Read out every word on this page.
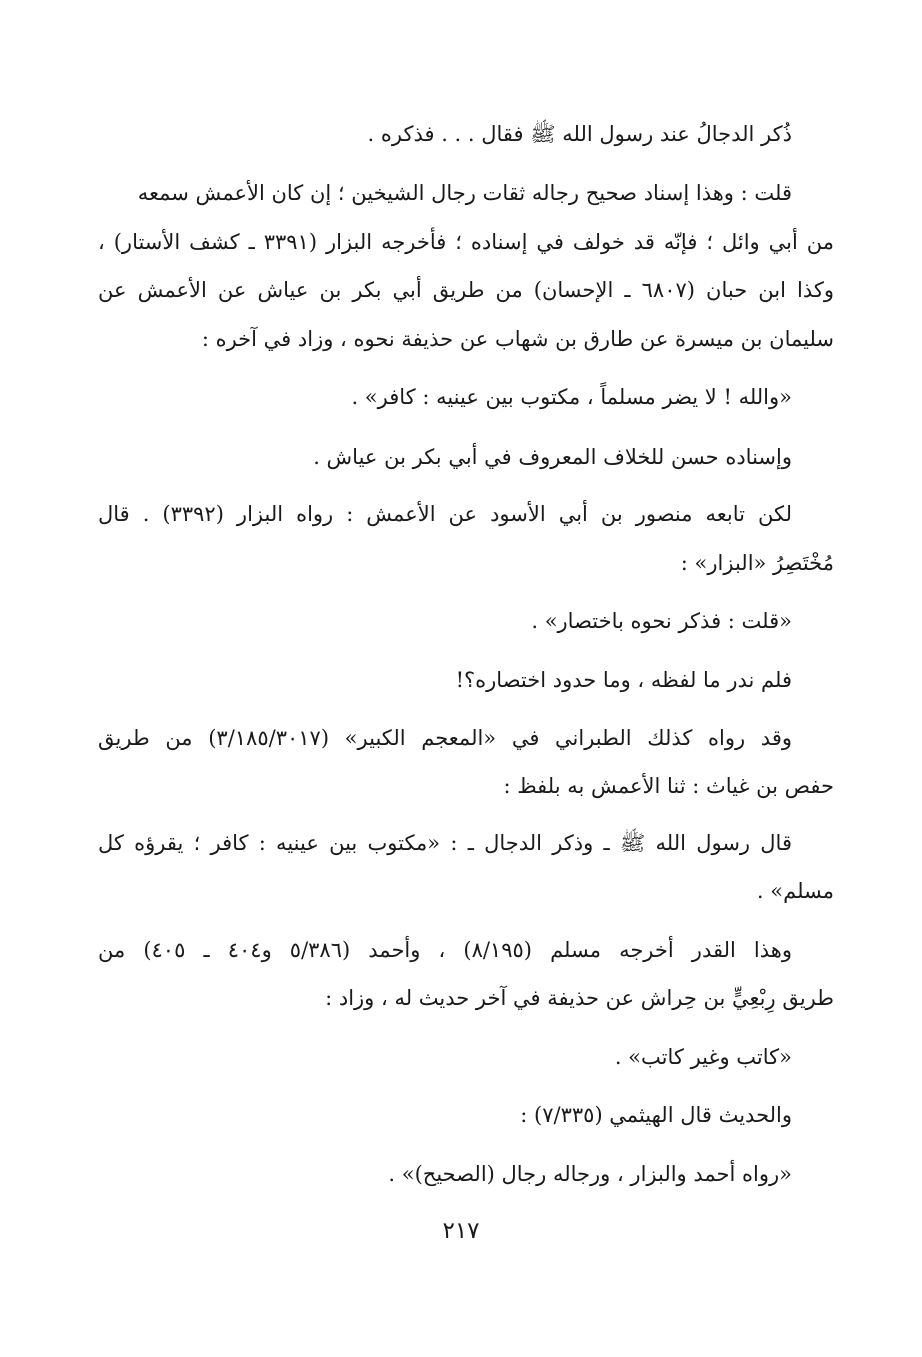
ذُكر الدجالُ عند رسول الله ﷺ فقال . . . فذكره .
قلت : وهذا إسناد صحيح رجاله ثقات رجال الشيخين ؛ إن كان الأعمش سمعه
من أبي وائل ؛ فإنّه قد خولف في إسناده ؛ فأخرجه البزار (٣٣٩١ ـ كشف الأستار) ،
وكذا ابن حبان (٦٨٠٧ ـ الإحسان) من طريق أبي بكر بن عياش عن الأعمش عن
سليمان بن ميسرة عن طارق بن شهاب عن حذيفة نحوه ، وزاد في آخره :
«والله ! لا يضر مسلماً ، مكتوب بين عينيه : كافر» .
وإسناده حسن للخلاف المعروف في أبي بكر بن عياش .
لكن تابعه منصور بن أبي الأسود عن الأعمش : رواه البزار (٣٣٩٢) . قال
مُخْتَصِرُ «البزار» :
«قلت : فذكر نحوه باختصار» .
فلم ندر ما لفظه ، وما حدود اختصاره؟!
وقد رواه كذلك الطبراني في «المعجم الكبير» (٣/١٨٥/٣٠١٧) من طريق
حفص بن غياث : ثنا الأعمش به بلفظ :
قال رسول الله ﷺ ـ وذكر الدجال ـ : «مكتوب بين عينيه : كافر ؛ يقرؤه كل
مسلم» .
وهذا القدر أخرجه مسلم (٨/١٩٥) ، وأحمد (٥/٣٨٦ و٤٠٤ ـ ٤٠٥) من
طريق رِبْعِيٍّ بن حِراش عن حذيفة في آخر حديث له ، وزاد :
«كاتب وغير كاتب» .
والحديث قال الهيثمي (٧/٣٣٥) :
«رواه أحمد والبزار ، ورجاله رجال (الصحيح)» .
٢١٧
